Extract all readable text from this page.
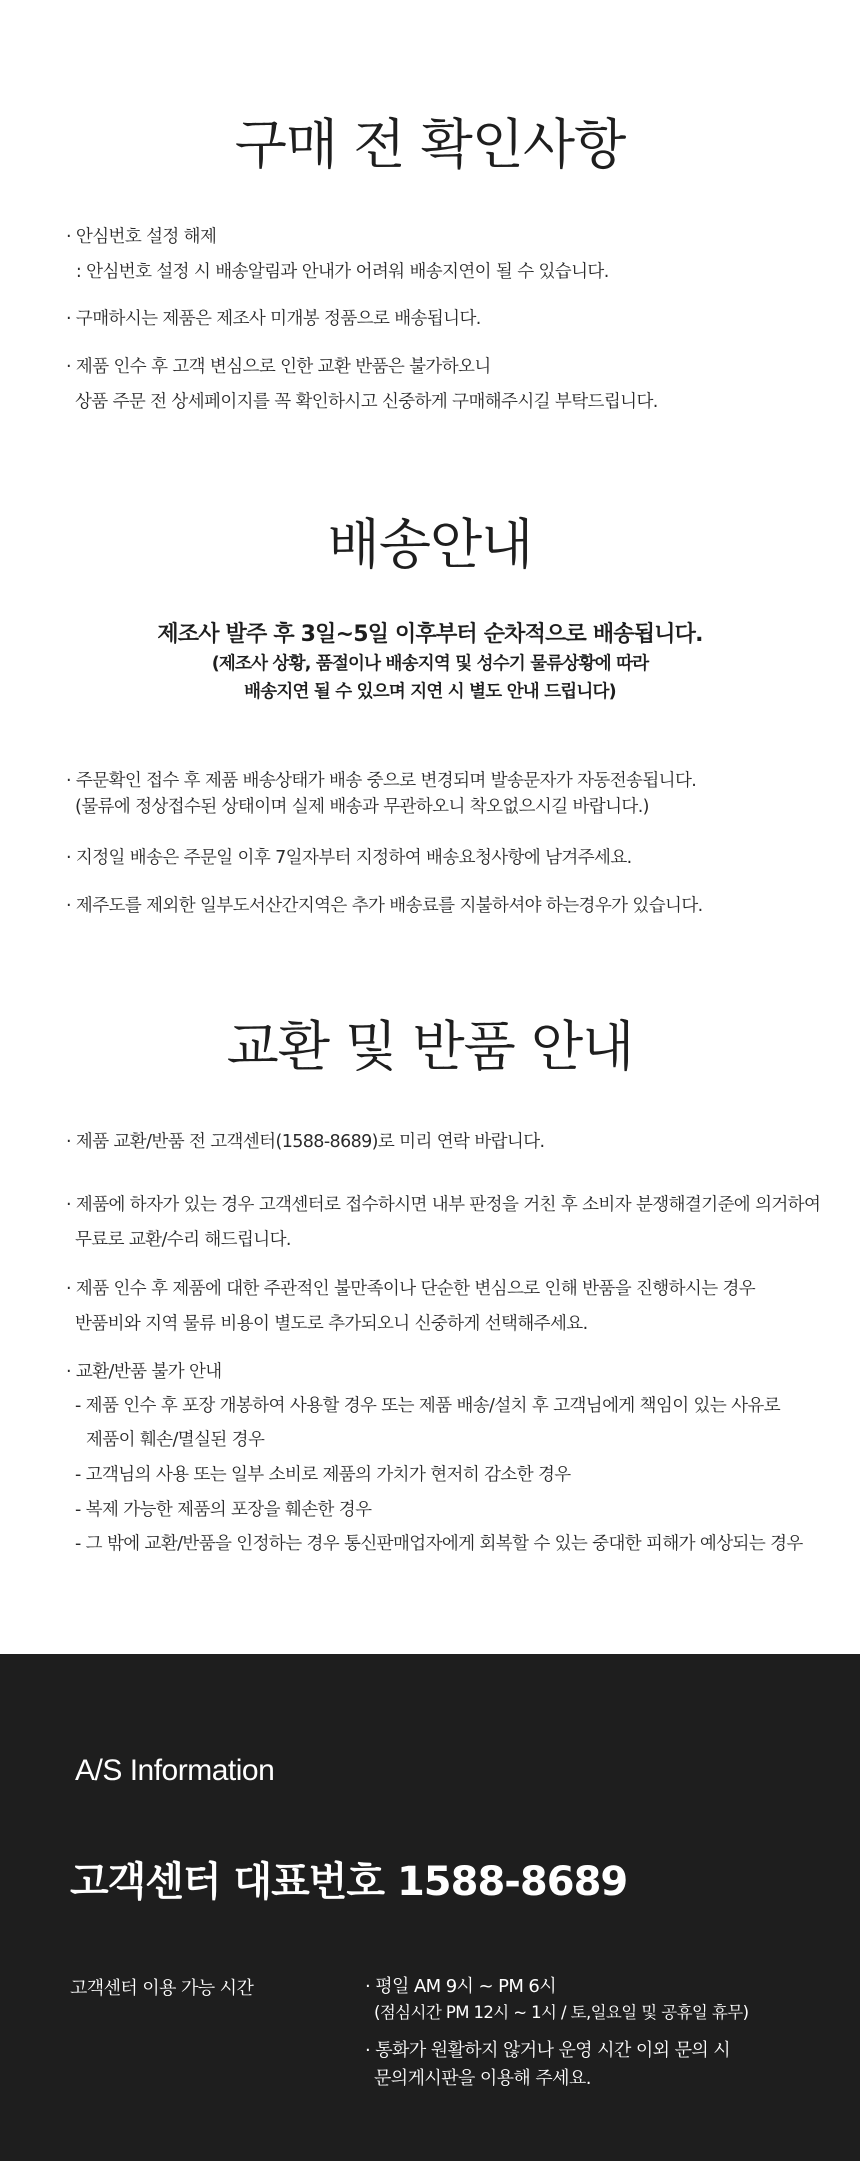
구매 전 확인사항
· 안심번호 설정 해제
: 안심번호 설정 시 배송알림과 안내가 어려워 배송지연이 될 수 있습니다.
· 구매하시는 제품은 제조사 미개봉 정품으로 배송됩니다.
· 제품 인수 후 고객 변심으로 인한 교환 반품은 불가하오니
상품 주문 전 상세페이지를 꼭 확인하시고 신중하게 구매해주시길 부탁드립니다.
배송안내
제조사 발주 후 3일~5일 이후부터 순차적으로 배송됩니다.
(제조사 상황, 품절이나 배송지역 및 성수기 물류상황에 따라
배송지연 될 수 있으며 지연 시 별도 안내 드립니다)
· 주문확인 접수 후 제품 배송상태가 배송 중으로 변경되며 발송문자가 자동전송됩니다.
(물류에 정상접수된 상태이며 실제 배송과 무관하오니 착오없으시길 바랍니다.)
· 지정일 배송은 주문일 이후 7일자부터 지정하여 배송요청사항에 남겨주세요.
· 제주도를 제외한 일부도서산간지역은 추가 배송료를 지불하셔야 하는경우가 있습니다.
교환 및 반품 안내
· 제품 교환/반품 전 고객센터(1588-8689)로 미리 연락 바랍니다.
· 제품에 하자가 있는 경우 고객센터로 접수하시면 내부 판정을 거친 후 소비자 분쟁해결기준에 의거하여
무료로 교환/수리 해드립니다.
· 제품 인수 후 제품에 대한 주관적인 불만족이나 단순한 변심으로 인해 반품을 진행하시는 경우
반품비와 지역 물류 비용이 별도로 추가되오니 신중하게 선택해주세요.
· 교환/반품 불가 안내
- 제품 인수 후 포장 개봉하여 사용할 경우 또는 제품 배송/설치 후 고객님에게 책임이 있는 사유로
제품이 훼손/멸실된 경우
- 고객님의 사용 또는 일부 소비로 제품의 가치가 현저히 감소한 경우
- 복제 가능한 제품의 포장을 훼손한 경우
- 그 밖에 교환/반품을 인정하는 경우 통신판매업자에게 회복할 수 있는 중대한 피해가 예상되는 경우
A/S Information
고객센터 대표번호 1588-8689
고객센터 이용 가능 시간	· 평일 AM 9시 ~ PM 6시
(점심시간 PM 12시 ~ 1시 / 토,일요일 및 공휴일 휴무)
· 통화가 원활하지 않거나 운영 시간 이외 문의 시
문의게시판을 이용해 주세요.
